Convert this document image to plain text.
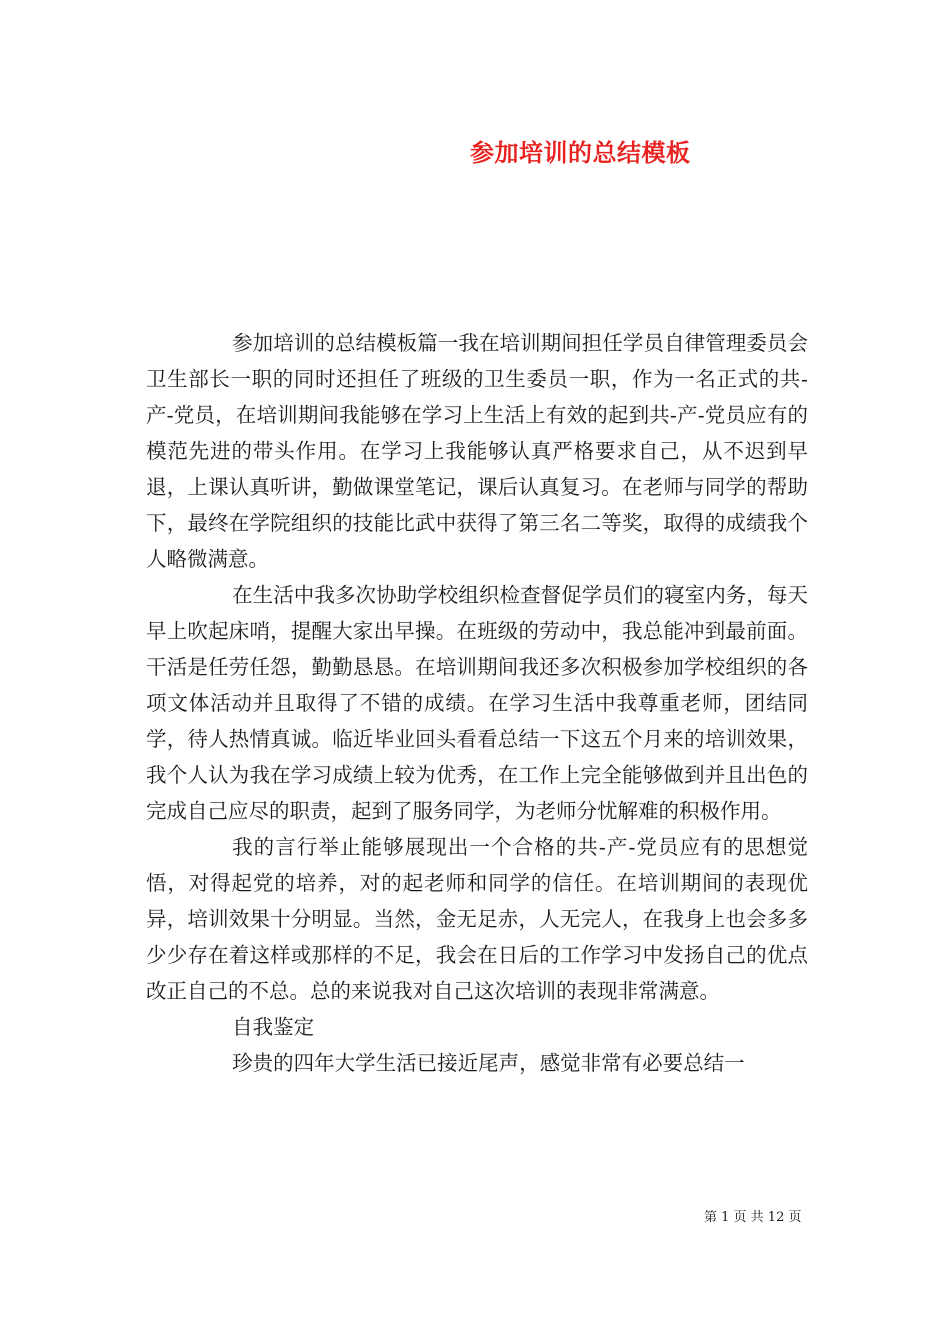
参加培训的总结模板

参加培训的总结模板篇一我在培训期间担任学员自律管理委员会卫生部长一职的同时还担任了班级的卫生委员一职，作为一名正式的共-产-党员，在培训期间我能够在学习上生活上有效的起到共-产-党员应有的模范先进的带头作用。在学习上我能够认真严格要求自己，从不迟到早退，上课认真听讲，勤做课堂笔记，课后认真复习。在老师与同学的帮助下，最终在学院组织的技能比武中获得了第三名二等奖，取得的成绩我个人略微满意。

在生活中我多次协助学校组织检查督促学员们的寝室内务，每天早上吹起床哨，提醒大家出早操。在班级的劳动中，我总能冲到最前面。干活是任劳任怨，勤勤恳恳。在培训期间我还多次积极参加学校组织的各项文体活动并且取得了不错的成绩。在学习生活中我尊重老师，团结同学，待人热情真诚。临近毕业回头看看总结一下这五个月来的培训效果，我个人认为我在学习成绩上较为优秀，在工作上完全能够做到并且出色的完成自己应尽的职责，起到了服务同学，为老师分忧解难的积极作用。

我的言行举止能够展现出一个合格的共-产-党员应有的思想觉悟，对得起党的培养，对的起老师和同学的信任。在培训期间的表现优异，培训效果十分明显。当然，金无足赤，人无完人，在我身上也会多多少少存在着这样或那样的不足，我会在日后的工作学习中发扬自己的优点改正自己的不总。总的来说我对自己这次培训的表现非常满意。

自我鉴定

珍贵的四年大学生活已接近尾声，感觉非常有必要总结一

第 1 页 共 12 页
